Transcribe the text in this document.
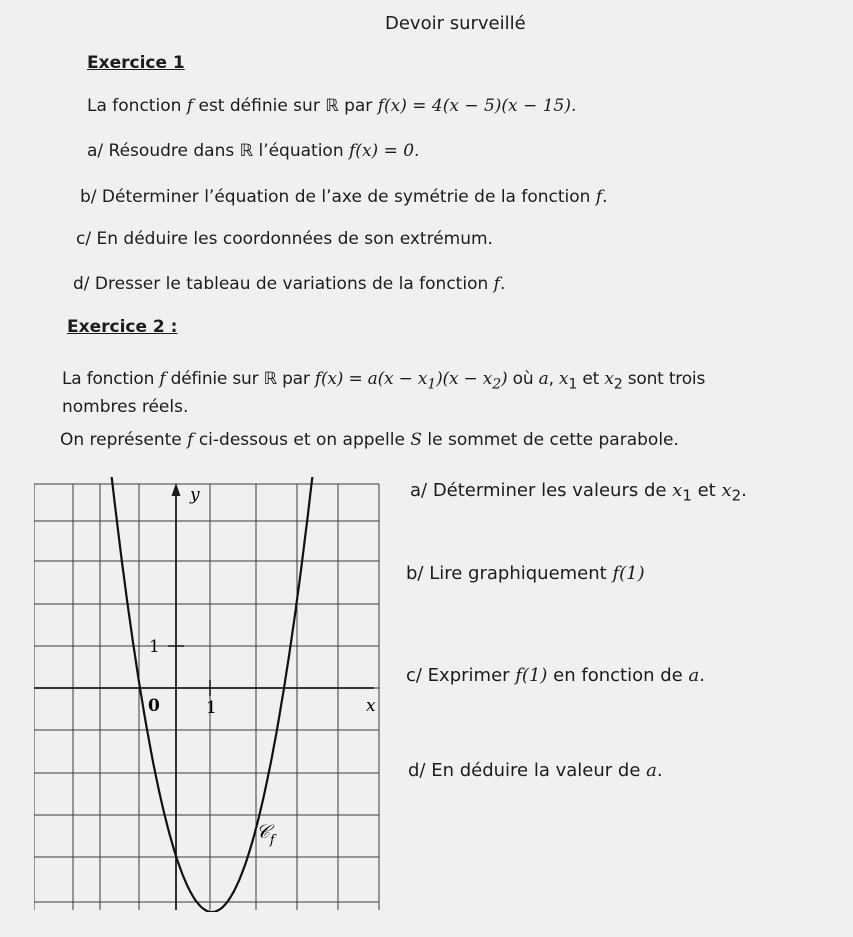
Devoir surveillé
Exercice 1
La fonction f est définie sur ℝ par f(x) = 4(x − 5)(x − 15).
a/ Résoudre dans ℝ l’équation f(x) = 0.
b/ Déterminer l’équation de l’axe de symétrie de la fonction f.
c/ En déduire les coordonnées de son extrémum.
d/ Dresser le tableau de variations de la fonction f.
Exercice 2 :
La fonction f définie sur ℝ par $f(x) = a(x - x_1)(x - x_2)$ où a, $x_1$ et $x_2$ sont trois
nombres réels.
On représente f ci-dessous et on appelle S le sommet de cette parabole.
a/ Déterminer les valeurs de $x_1$ et $x_2$.
b/ Lire graphiquement f(1)
c/ Exprimer f(1) en fonction de a.
d/ En déduire la valeur de a.
y
x
1
1
0
𝒞$_f$
